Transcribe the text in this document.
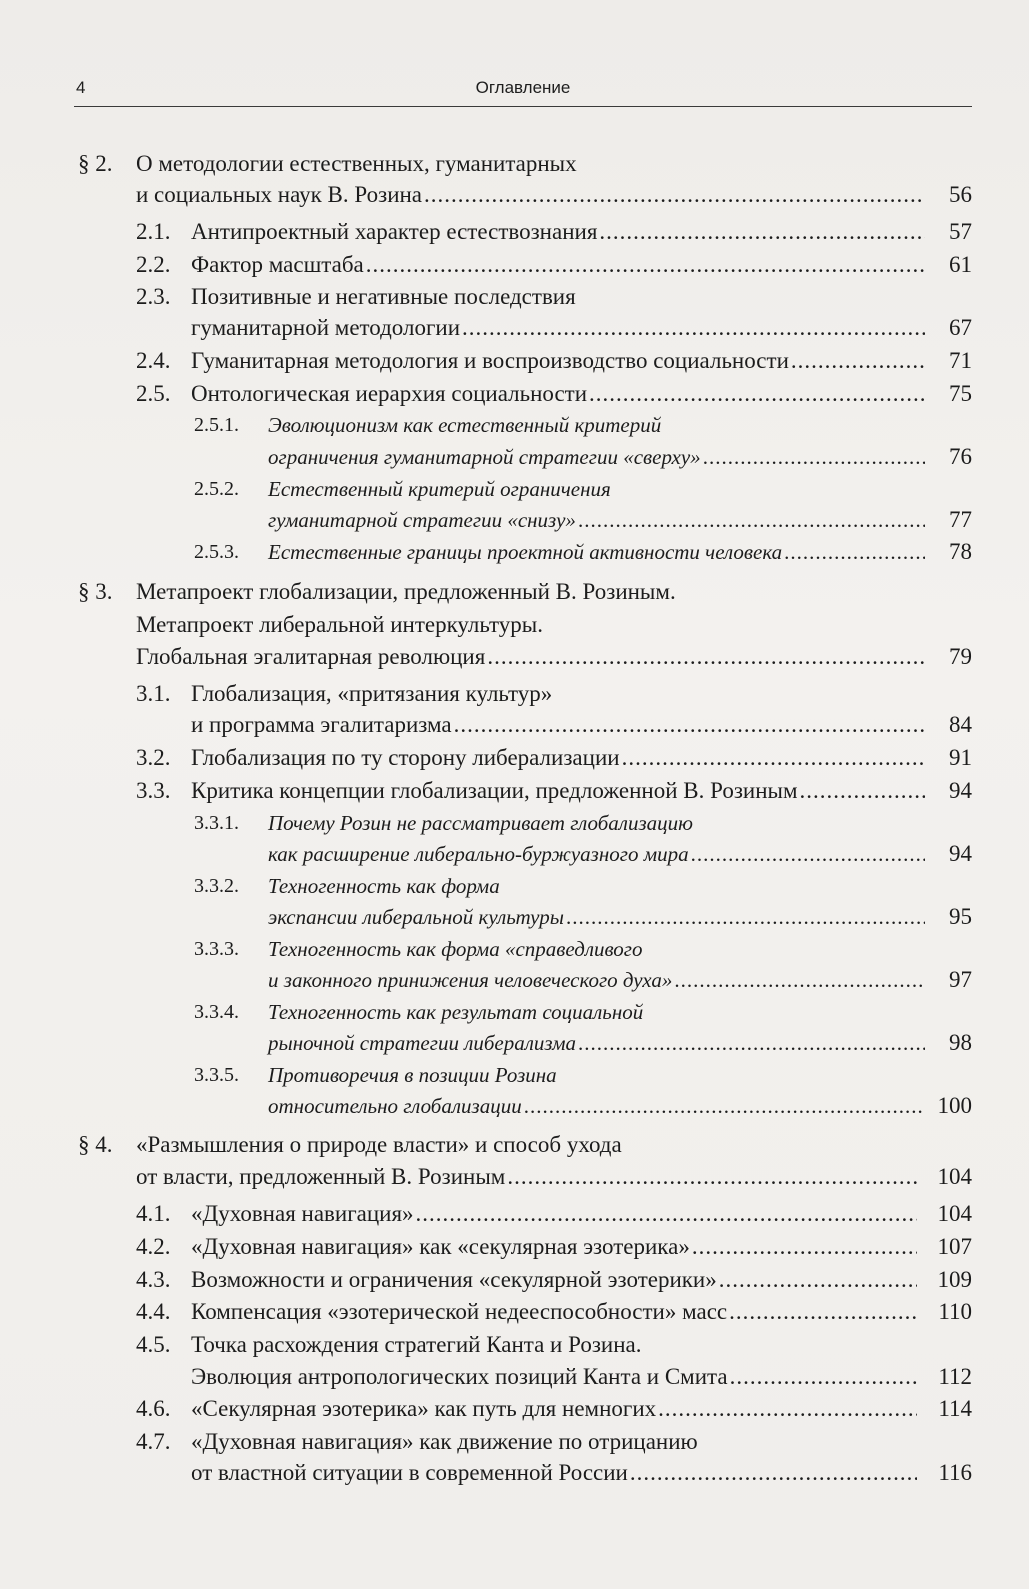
4	Оглавление
§ 2. О методологии естественных, гуманитарных
и социальных наук В. Розина .....	56
2.1. Антипроектный характер естествознания .....	57
2.2. Фактор масштаба .....	61
2.3. Позитивные и негативные последствия
гуманитарной методологии .....	67
2.4. Гуманитарная методология и воспроизводство социальности .....	71
2.5. Онтологическая иерархия социальности .....	75
2.5.1. Эволюционизм как естественный критерий
ограничения гуманитарной стратегии «сверху» .....	76
2.5.2. Естественный критерий ограничения
гуманитарной стратегии «снизу» .....	77
2.5.3. Естественные границы проектной активности человека .....	78
§ 3. Метапроект глобализации, предложенный В. Розиным.
Метапроект либеральной интеркультуры.
Глобальная эгалитарная революция .....	79
3.1. Глобализация, «притязания культур»
и программа эгалитаризма .....	84
3.2. Глобализация по ту сторону либерализации .....	91
3.3. Критика концепции глобализации, предложенной В. Розиным .....	94
3.3.1. Почему Розин не рассматривает глобализацию
как расширение либерально-буржуазного мира .....	94
3.3.2. Техногенность как форма
экспансии либеральной культуры .....	95
3.3.3. Техногенность как форма «справедливого
и законного принижения человеческого духа» .....	97
3.3.4. Техногенность как результат социальной
рыночной стратегии либерализма .....	98
3.3.5. Противоречия в позиции Розина
относительно глобализации .....	100
§ 4. «Размышления о природе власти» и способ ухода
от власти, предложенный В. Розиным .....	104
4.1. «Духовная навигация» .....	104
4.2. «Духовная навигация» как «секулярная эзотерика» .....	107
4.3. Возможности и ограничения «секулярной эзотерики» .....	109
4.4. Компенсация «эзотерической недееспособности» масс .....	110
4.5. Точка расхождения стратегий Канта и Розина.
Эволюция антропологических позиций Канта и Смита .....	112
4.6. «Секулярная эзотерика» как путь для немногих .....	114
4.7. «Духовная навигация» как движение по отрицанию
от властной ситуации в современной России .....	116
